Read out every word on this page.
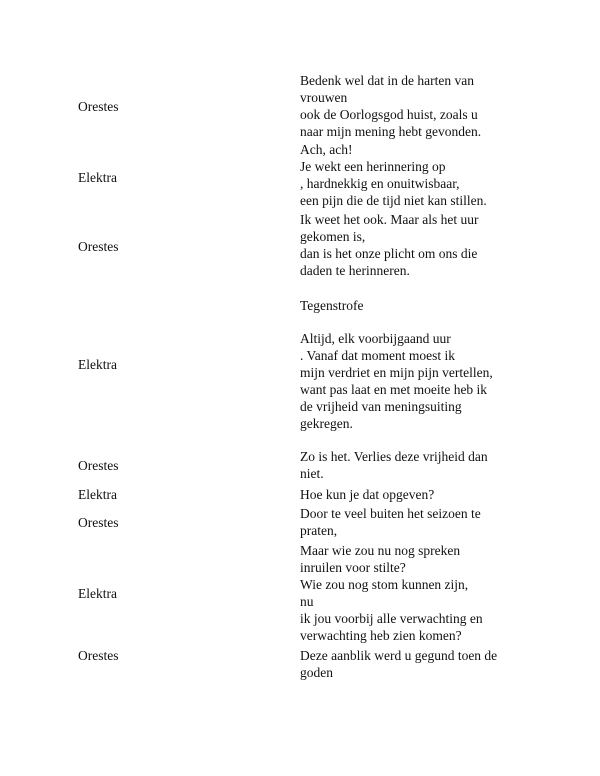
Orestes
Bedenk wel dat in de harten van
vrouwen
ook de Oorlogsgod huist, zoals u
naar mijn mening hebt gevonden.
Elektra
Ach, ach!
Je wekt een herinnering op
, hardnekkig en onuitwisbaar,
een pijn die de tijd niet kan stillen.
Orestes
Ik weet het ook. Maar als het uur
gekomen is,
dan is het onze plicht om ons die
daden te herinneren.
Tegenstrofe
Elektra
Altijd, elk voorbijgaand uur
. Vanaf dat moment moest ik
mijn verdriet en mijn pijn vertellen,
want pas laat en met moeite heb ik
de vrijheid van meningsuiting
gekregen.
Orestes
Zo is het. Verlies deze vrijheid dan
niet.
Elektra	Hoe kun je dat opgeven?
Orestes
Door te veel buiten het seizoen te
praten,
Elektra
Maar wie zou nu nog spreken
inruilen voor stilte?
Wie zou nog stom kunnen zijn,
nu
ik jou voorbij alle verwachting en
verwachting heb zien komen?
Orestes	Deze aanblik werd u gegund toen de
goden
